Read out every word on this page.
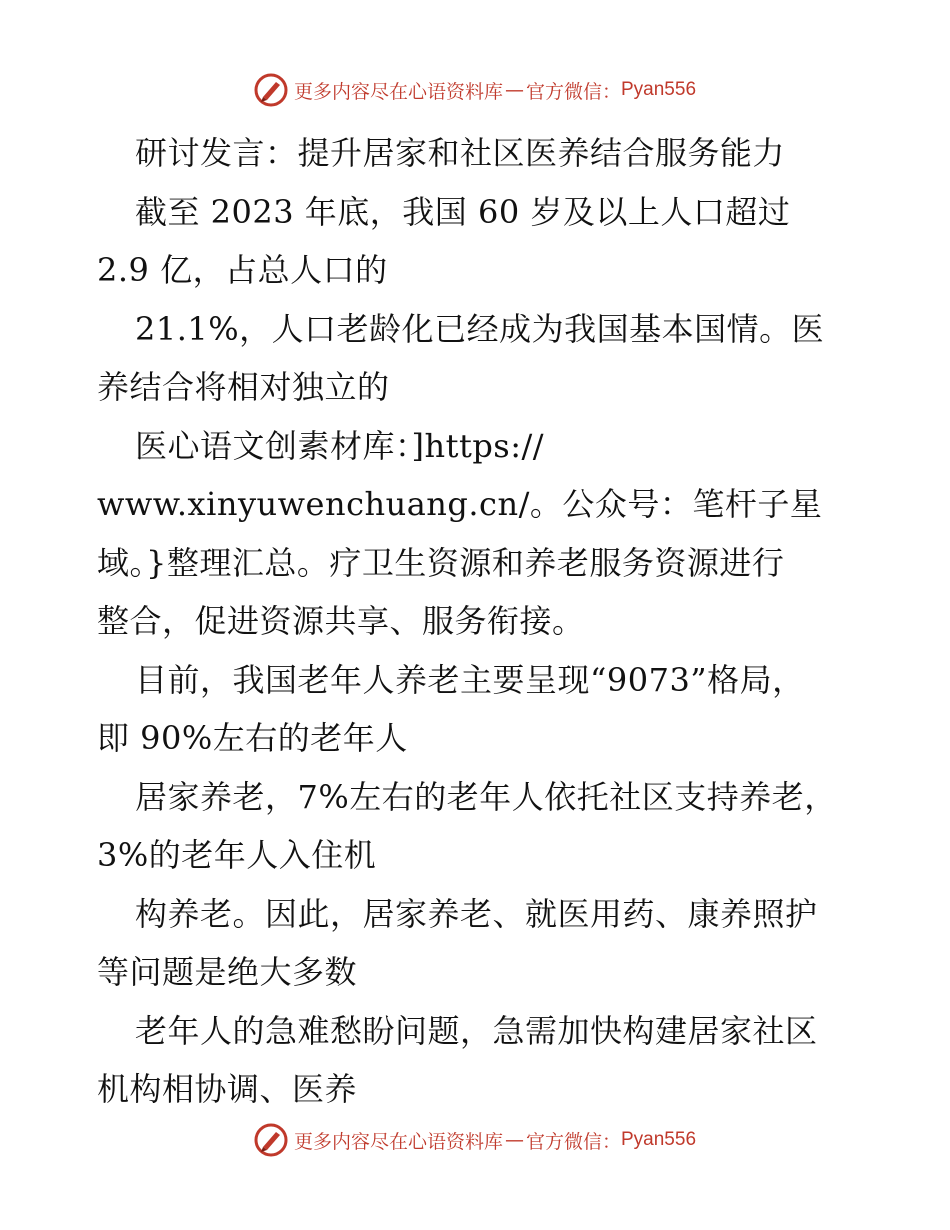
更多内容尽在心语资料库 — 官方微信： Pyan556
研讨发言：提升居家和社区医养结合服务能力
截至 2023 年底，我国 60 岁及以上人口超过
2.9 亿，占总人口的
21.1%，人口老龄化已经成为我国基本国情。医
养结合将相对独立的
医心语文创素材库：]https://
www.xinyuwenchuang.cn/。公众号：笔杆子星
域。}整理汇总。疗卫生资源和养老服务资源进行
整合，促进资源共享、服务衔接。
目前，我国老年人养老主要呈现“9073”格局，
即 90%左右的老年人
居家养老，7%左右的老年人依托社区支持养老，
3%的老年人入住机
构养老。因此，居家养老、就医用药、康养照护
等问题是绝大多数
老年人的急难愁盼问题，急需加快构建居家社区
机构相协调、医养
更多内容尽在心语资料库 — 官方微信： Pyan556
